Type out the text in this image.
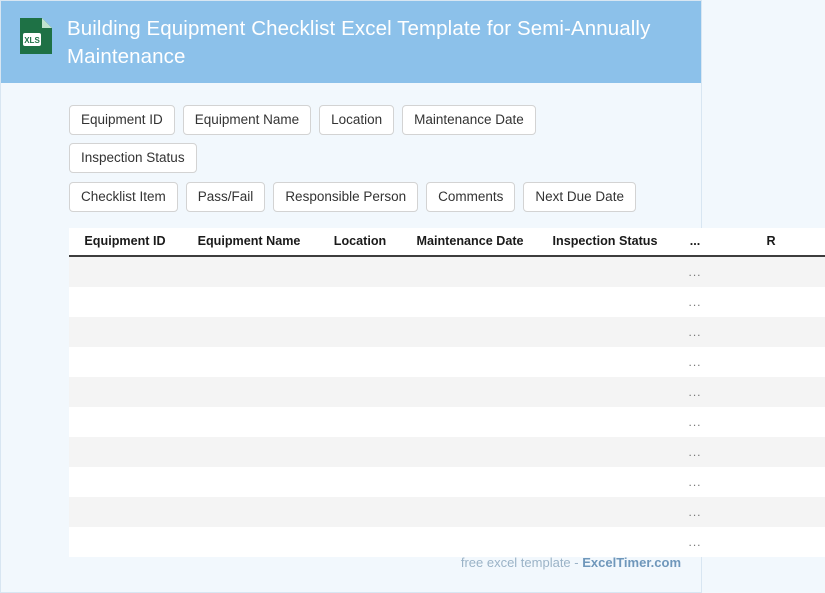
XLS
Building Equipment Checklist Excel Template for Semi-Annually Maintenance
Equipment ID	Equipment Name	Location	Maintenance Date
Inspection Status
Checklist Item	Pass/Fail	Responsible Person	Comments	Next Due Date
Equipment ID	Equipment Name	Location	Maintenance Date	Inspection Status	...	R
					...	
					...	
					...	
					...	
					...	
					...	
					...	
					...	
					...	
					...	
free excel template - ExcelTimer.com
